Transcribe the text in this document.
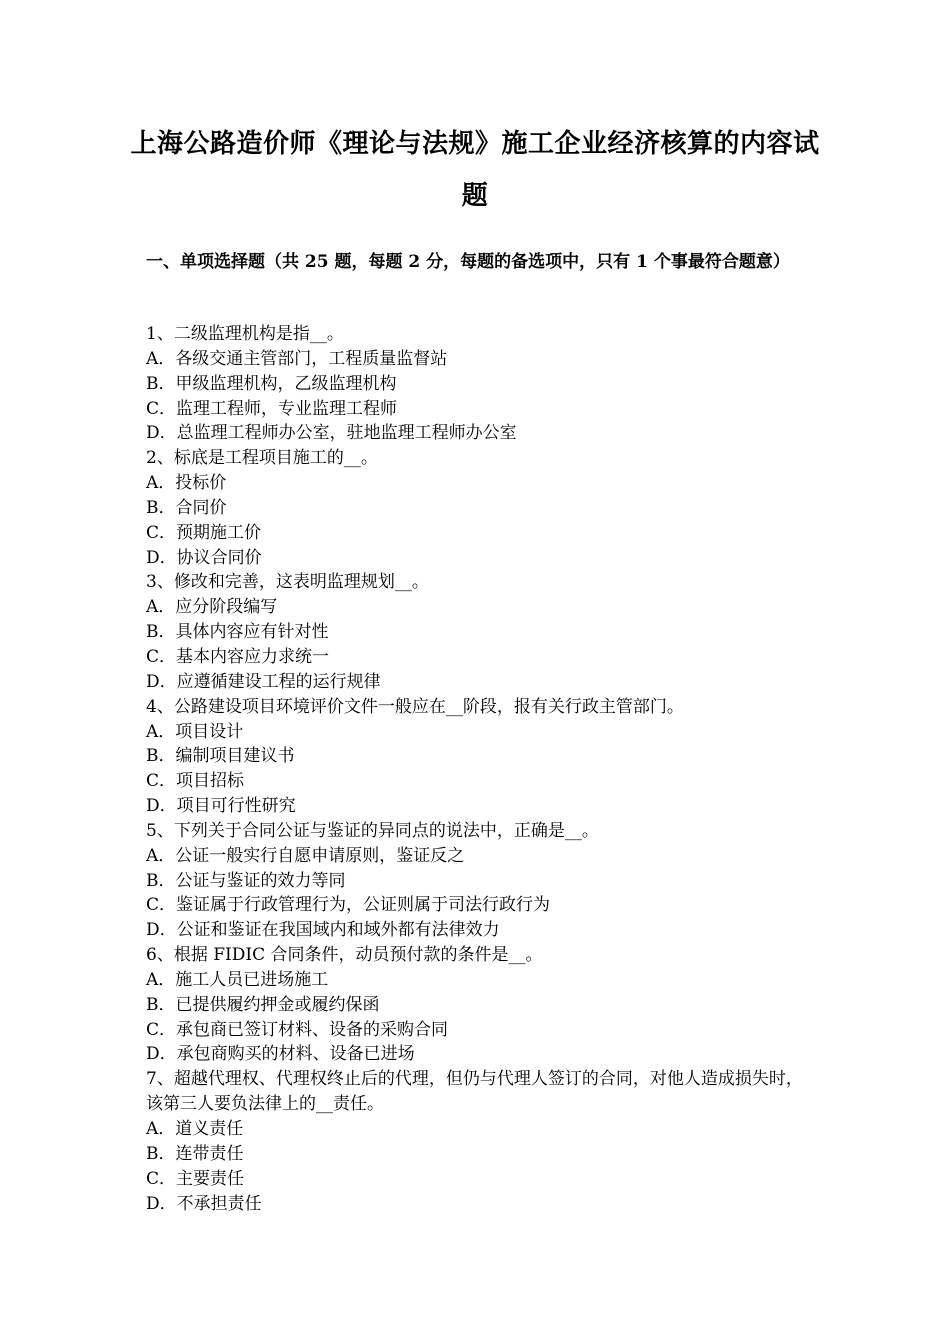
上海公路造价师《理论与法规》施工企业经济核算的内容试题
一、单项选择题（共 25 题，每题 2 分，每题的备选项中，只有 1 个事最符合题意）
1、二级监理机构是指__。
A．各级交通主管部门，工程质量监督站
B．甲级监理机构，乙级监理机构
C．监理工程师，专业监理工程师
D．总监理工程师办公室，驻地监理工程师办公室
2、标底是工程项目施工的__。
A．投标价
B．合同价
C．预期施工价
D．协议合同价
3、修改和完善，这表明监理规划__。
A．应分阶段编写
B．具体内容应有针对性
C．基本内容应力求统一
D．应遵循建设工程的运行规律
4、公路建设项目环境评价文件一般应在__阶段，报有关行政主管部门。
A．项目设计
B．编制项目建议书
C．项目招标
D．项目可行性研究
5、下列关于合同公证与鉴证的异同点的说法中，正确是__。
A．公证一般实行自愿申请原则，鉴证反之
B．公证与鉴证的效力等同
C．鉴证属于行政管理行为，公证则属于司法行政行为
D．公证和鉴证在我国域内和域外都有法律效力
6、根据 FIDIC 合同条件，动员预付款的条件是__。
A．施工人员已进场施工
B．已提供履约押金或履约保函
C．承包商已签订材料、设备的采购合同
D．承包商购买的材料、设备已进场
7、超越代理权、代理权终止后的代理，但仍与代理人签订的合同，对他人造成损失时，该第三人要负法律上的__责任。
A．道义责任
B．连带责任
C．主要责任
D．不承担责任
